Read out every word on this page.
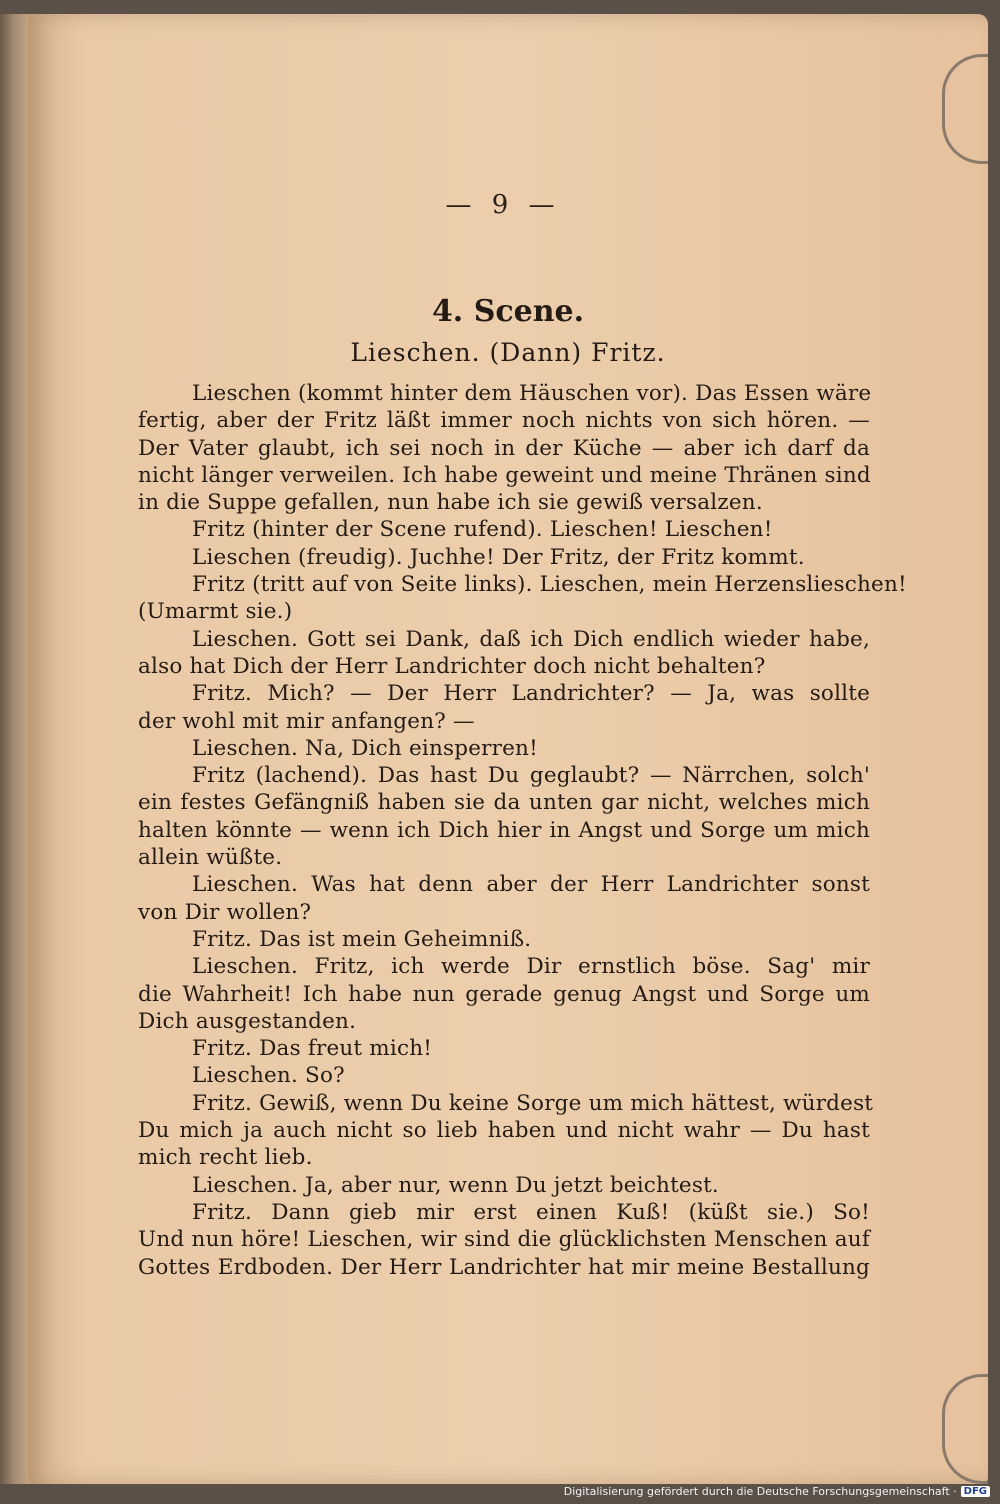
— 9 —
4. Scene.
Lieschen. (Dann) Fritz.
Lieschen (kommt hinter dem Häuschen vor). Das Essen wäre
fertig, aber der Fritz läßt immer noch nichts von sich hören. —
Der Vater glaubt, ich sei noch in der Küche — aber ich darf da
nicht länger verweilen. Ich habe geweint und meine Thränen sind
in die Suppe gefallen, nun habe ich sie gewiß versalzen.
Fritz (hinter der Scene rufend). Lieschen! Lieschen!
Lieschen (freudig). Juchhe! Der Fritz, der Fritz kommt.
Fritz (tritt auf von Seite links). Lieschen, mein Herzenslieschen!
(Umarmt sie.)
Lieschen. Gott sei Dank, daß ich Dich endlich wieder habe,
also hat Dich der Herr Landrichter doch nicht behalten?
Fritz. Mich? — Der Herr Landrichter? — Ja, was sollte
der wohl mit mir anfangen? —
Lieschen. Na, Dich einsperren!
Fritz (lachend). Das hast Du geglaubt? — Närrchen, solch'
ein festes Gefängniß haben sie da unten gar nicht, welches mich
halten könnte — wenn ich Dich hier in Angst und Sorge um mich
allein wüßte.
Lieschen. Was hat denn aber der Herr Landrichter sonst
von Dir wollen?
Fritz. Das ist mein Geheimniß.
Lieschen. Fritz, ich werde Dir ernstlich böse. Sag' mir
die Wahrheit! Ich habe nun gerade genug Angst und Sorge um
Dich ausgestanden.
Fritz. Das freut mich!
Lieschen. So?
Fritz. Gewiß, wenn Du keine Sorge um mich hättest, würdest
Du mich ja auch nicht so lieb haben und nicht wahr — Du hast
mich recht lieb.
Lieschen. Ja, aber nur, wenn Du jetzt beichtest.
Fritz. Dann gieb mir erst einen Kuß! (küßt sie.) So!
Und nun höre! Lieschen, wir sind die glücklichsten Menschen auf
Gottes Erdboden. Der Herr Landrichter hat mir meine Bestallung
Digitalisierung gefördert durch die Deutsche Forschungsgemeinschaft · DFG
